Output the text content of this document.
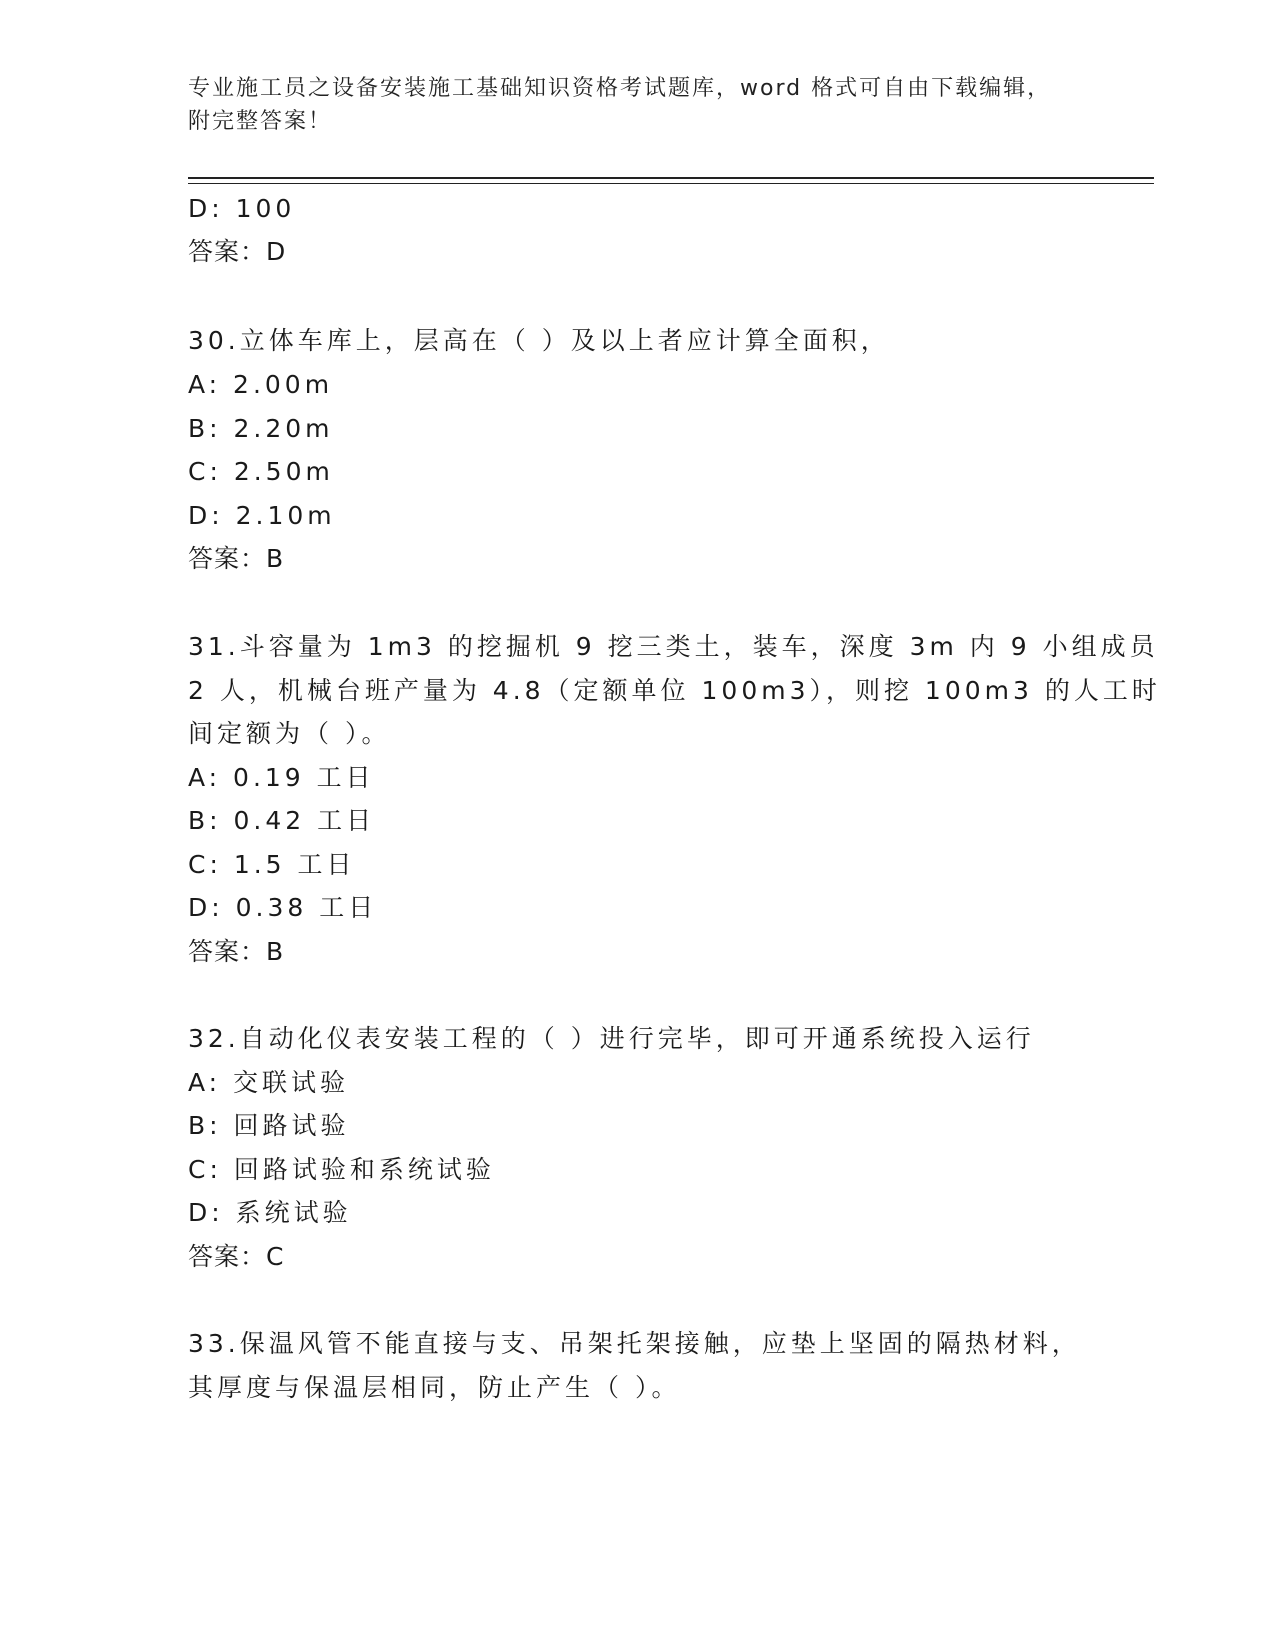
专业施工员之设备安装施工基础知识资格考试题库，word 格式可自由下载编辑，
附完整答案！
D: 100
答案：D
30.立体车库上，层高在（ ）及以上者应计算全面积，
A: 2.00m
B: 2.20m
C: 2.50m
D: 2.10m
答案：B
31.斗容量为 1m3 的挖掘机 9 挖三类土，装车，深度 3m 内 9 小组成员
2 人，机械台班产量为 4.8（定额单位 100m3），则挖 100m3 的人工时
间定额为（ ）。
A: 0.19 工日
B: 0.42 工日
C: 1.5 工日
D: 0.38 工日
答案：B
32.自动化仪表安装工程的（ ）进行完毕，即可开通系统投入运行
A: 交联试验
B: 回路试验
C: 回路试验和系统试验
D: 系统试验
答案：C
33.保温风管不能直接与支、吊架托架接触，应垫上坚固的隔热材料，
其厚度与保温层相同，防止产生（ ）。
